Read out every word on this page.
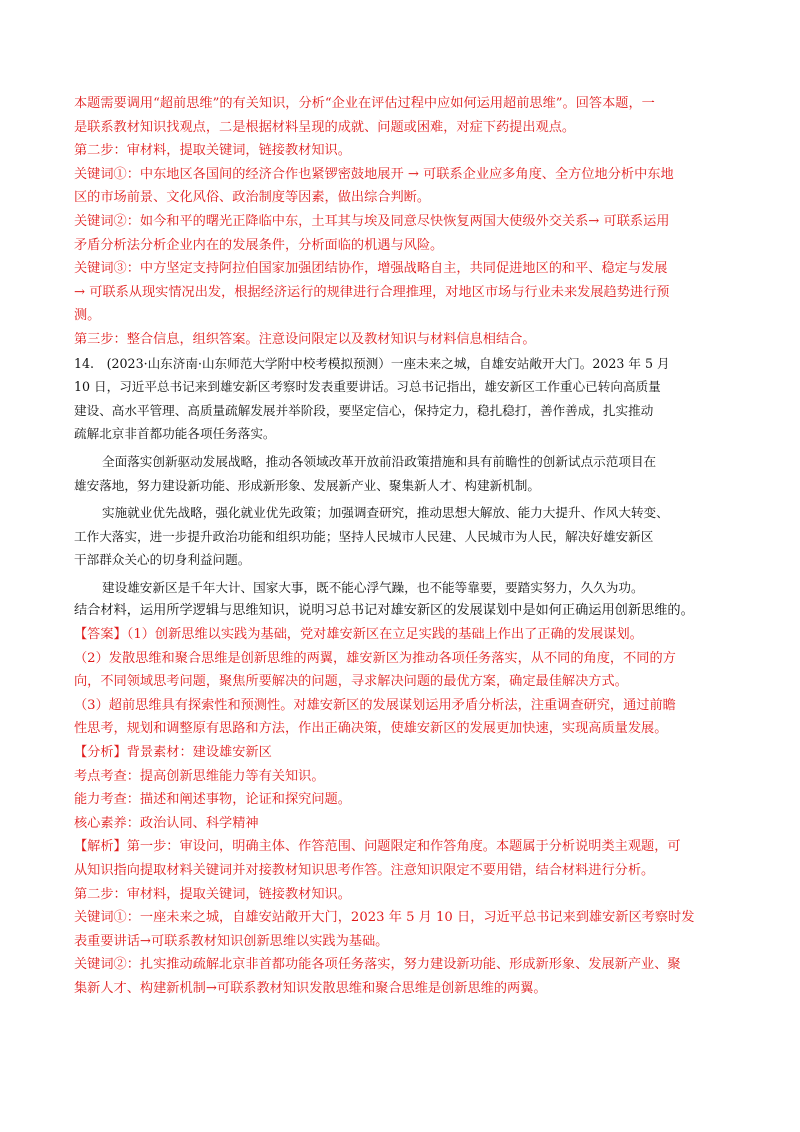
本题需要调用“超前思维”的有关知识，分析“企业在评估过程中应如何运用超前思维”。回答本题，一
是联系教材知识找观点，二是根据材料呈现的成就、问题或困难，对症下药提出观点。
第二步：审材料，提取关键词，链接教材知识。
关键词①：中东地区各国间的经济合作也紧锣密鼓地展开 → 可联系企业应多角度、全方位地分析中东地
区的市场前景、文化风俗、政治制度等因素，做出综合判断。
关键词②：如今和平的曙光正降临中东，土耳其与埃及同意尽快恢复两国大使级外交关系→ 可联系运用
矛盾分析法分析企业内在的发展条件，分析面临的机遇与风险。
关键词③：中方坚定支持阿拉伯国家加强团结协作，增强战略自主，共同促进地区的和平、稳定与发展
→ 可联系从现实情况出发，根据经济运行的规律进行合理推理，对地区市场与行业未来发展趋势进行预
测。
第三步：整合信息，组织答案。注意设问限定以及教材知识与材料信息相结合。
14.　(2023·山东济南·山东师范大学附中校考模拟预测）一座未来之城，自雄安站敞开大门。2023 年 5 月
10 日，习近平总书记来到雄安新区考察时发表重要讲话。习总书记指出，雄安新区工作重心已转向高质量
建设、高水平管理、高质量疏解发展并举阶段，要坚定信心，保持定力，稳扎稳打，善作善成，扎实推动
疏解北京非首都功能各项任务落实。
全面落实创新驱动发展战略，推动各领域改革开放前沿政策措施和具有前瞻性的创新试点示范项目在
雄安落地，努力建设新功能、形成新形象、发展新产业、聚集新人才、构建新机制。
实施就业优先战略，强化就业优先政策；加强调查研究，推动思想大解放、能力大提升、作风大转变、
工作大落实，进一步提升政治功能和组织功能；坚持人民城市人民建、人民城市为人民，解决好雄安新区
干部群众关心的切身利益问题。
建设雄安新区是千年大计、国家大事，既不能心浮气躁，也不能等靠要，要踏实努力，久久为功。
结合材料，运用所学逻辑与思维知识，说明习总书记对雄安新区的发展谋划中是如何正确运用创新思维的。
【答案】（1）创新思维以实践为基础，党对雄安新区在立足实践的基础上作出了正确的发展谋划。
（2）发散思维和聚合思维是创新思维的两翼，雄安新区为推动各项任务落实，从不同的角度，不同的方
向，不同领域思考问题，聚焦所要解决的问题，寻求解决问题的最优方案，确定最佳解决方式。
（3）超前思维具有探索性和预测性。对雄安新区的发展谋划运用矛盾分析法，注重调查研究，通过前瞻
性思考，规划和调整原有思路和方法，作出正确决策，使雄安新区的发展更加快速，实现高质量发展。
【分析】背景素材：建设雄安新区
考点考查：提高创新思维能力等有关知识。
能力考查：描述和阐述事物，论证和探究问题。
核心素养：政治认同、科学精神
【解析】第一步：审设问，明确主体、作答范围、问题限定和作答角度。本题属于分析说明类主观题，可
从知识指向提取材料关键词并对接教材知识思考作答。注意知识限定不要用错，结合材料进行分析。
第二步：审材料，提取关键词，链接教材知识。
关键词①：一座未来之城，自雄安站敞开大门，2023 年 5 月 10 日，习近平总书记来到雄安新区考察时发
表重要讲话→可联系教材知识创新思维以实践为基础。
关键词②：扎实推动疏解北京非首都功能各项任务落实，努力建设新功能、形成新形象、发展新产业、聚
集新人才、构建新机制→可联系教材知识发散思维和聚合思维是创新思维的两翼。
